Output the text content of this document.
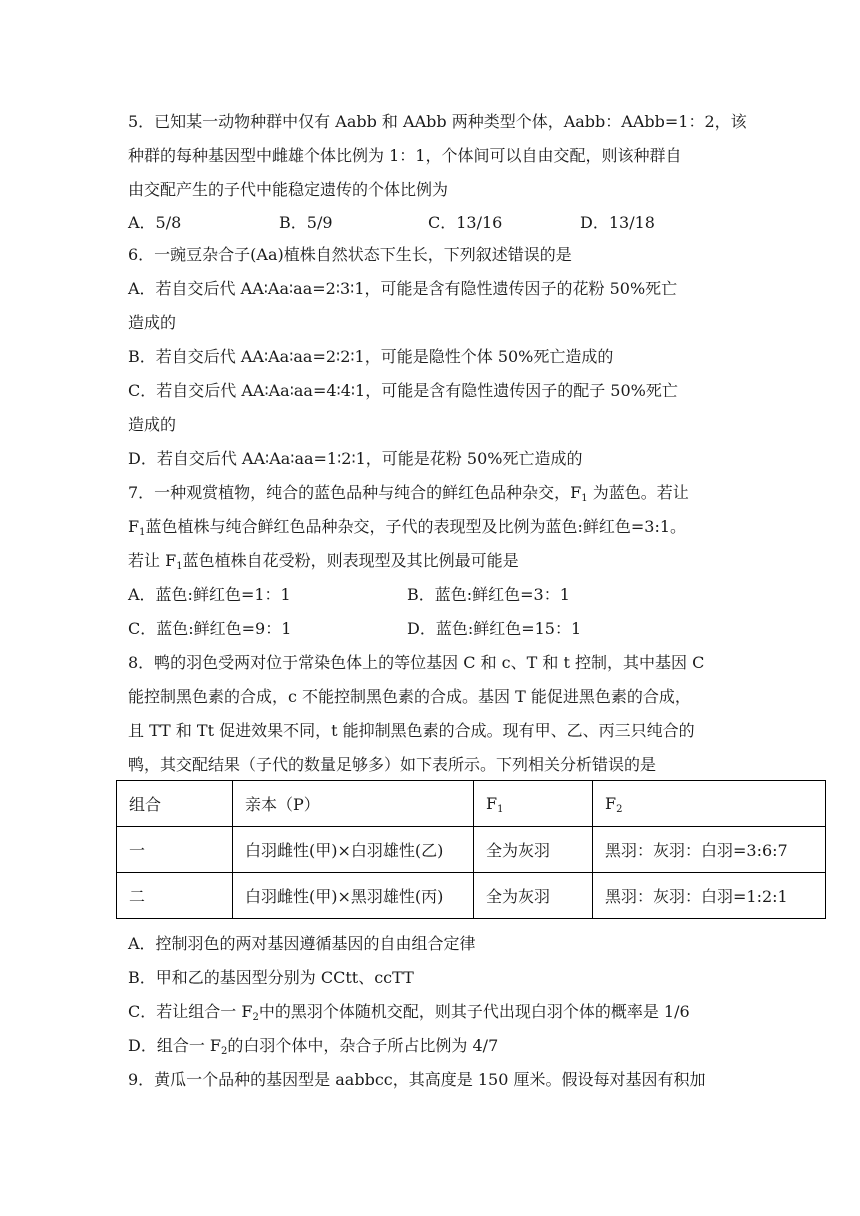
5．已知某一动物种群中仅有 Aabb 和 AAbb 两种类型个体，Aabb：AAbb=1：2，该
种群的每种基因型中雌雄个体比例为 1：1，个体间可以自由交配，则该种群自
由交配产生的子代中能稳定遗传的个体比例为
A．5/8	B．5/9	C．13/16	D．13/18
6．一豌豆杂合子(Aa)植株自然状态下生长，下列叙述错误的是
A．若自交后代 AA∶Aa∶aa=2∶3∶1，可能是含有隐性遗传因子的花粉 50%死亡
造成的
B．若自交后代 AA∶Aa∶aa=2∶2∶1，可能是隐性个体 50%死亡造成的
C．若自交后代 AA∶Aa∶aa=4∶4∶1，可能是含有隐性遗传因子的配子 50%死亡
造成的
D．若自交后代 AA∶Aa∶aa=1∶2∶1，可能是花粉 50%死亡造成的
7．一种观赏植物，纯合的蓝色品种与纯合的鲜红色品种杂交，$F_1$ 为蓝色。若让
$F_1$蓝色植株与纯合鲜红色品种杂交，子代的表现型及比例为蓝色:鲜红色=3:1。
若让 $F_1$蓝色植株自花受粉，则表现型及其比例最可能是
A．蓝色:鲜红色=1：1	B．蓝色:鲜红色=3：1
C．蓝色:鲜红色=9：1	D．蓝色:鲜红色=15：1
8．鸭的羽色受两对位于常染色体上的等位基因 C 和 c、T 和 t 控制，其中基因 C
能控制黑色素的合成，c 不能控制黑色素的合成。基因 T 能促进黑色素的合成，
且 TT 和 Tt 促进效果不同，t 能抑制黑色素的合成。现有甲、乙、丙三只纯合的
鸭，其交配结果（子代的数量足够多）如下表所示。下列相关分析错误的是
组合	亲本（P）	$F_1$	$F_2$
一	白羽雌性(甲)×白羽雄性(乙)	全为灰羽	黑羽：灰羽：白羽=3:6:7
二	白羽雌性(甲)×黑羽雄性(丙)	全为灰羽	黑羽：灰羽：白羽=1:2:1
A．控制羽色的两对基因遵循基因的自由组合定律
B．甲和乙的基因型分别为 CCtt、ccTT
C．若让组合一 $F_2$中的黑羽个体随机交配，则其子代出现白羽个体的概率是 1/6
D．组合一 $F_2$的白羽个体中，杂合子所占比例为 4/7
9．黄瓜一个品种的基因型是 aabbcc，其高度是 150 厘米。假设每对基因有积加
